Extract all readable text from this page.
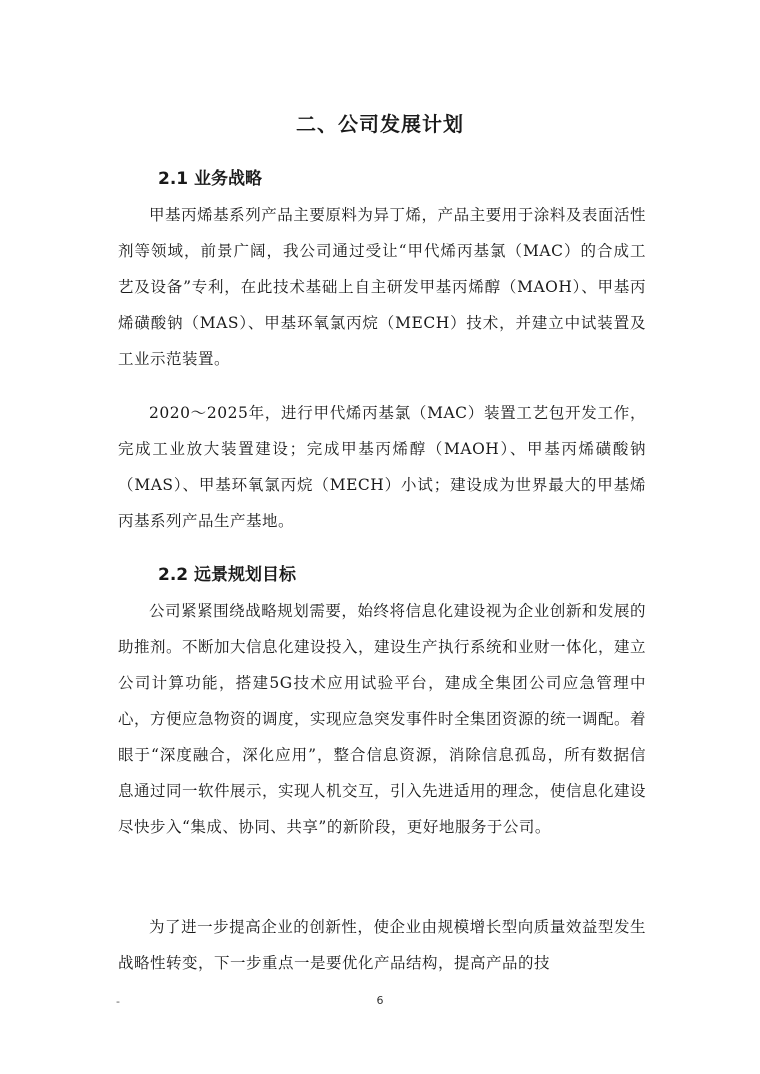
二、公司发展计划
2.1 业务战略

甲基丙烯基系列产品主要原料为异丁烯，产品主要用于涂料及表面活性剂等领域，前景广阔，我公司通过受让“甲代烯丙基氯（MAC）的合成工艺及设备”专利，在此技术基础上自主研发甲基丙烯醇（MAOH）、甲基丙烯磺酸钠（MAS）、甲基环氧氯丙烷（MECH）技术，并建立中试装置及工业示范装置。

2020～2025年，进行甲代烯丙基氯（MAC）装置工艺包开发工作，完成工业放大装置建设；完成甲基丙烯醇（MAOH）、甲基丙烯磺酸钠（MAS）、甲基环氧氯丙烷（MECH）小试；建设成为世界最大的甲基烯丙基系列产品生产基地。

2.2 远景规划目标

公司紧紧围绕战略规划需要，始终将信息化建设视为企业创新和发展的助推剂。不断加大信息化建设投入，建设生产执行系统和业财一体化，建立公司计算功能，搭建5G技术应用试验平台，建成全集团公司应急管理中心，方便应急物资的调度，实现应急突发事件时全集团资源的统一调配。着眼于“深度融合，深化应用”，整合信息资源，消除信息孤岛，所有数据信息通过同一软件展示，实现人机交互，引入先进适用的理念，使信息化建设尽快步入“集成、协同、共享”的新阶段，更好地服务于公司。

为了进一步提高企业的创新性，使企业由规模增长型向质量效益型发生战略性转变，下一步重点一是要优化产品结构，提高产品的技

-	6
